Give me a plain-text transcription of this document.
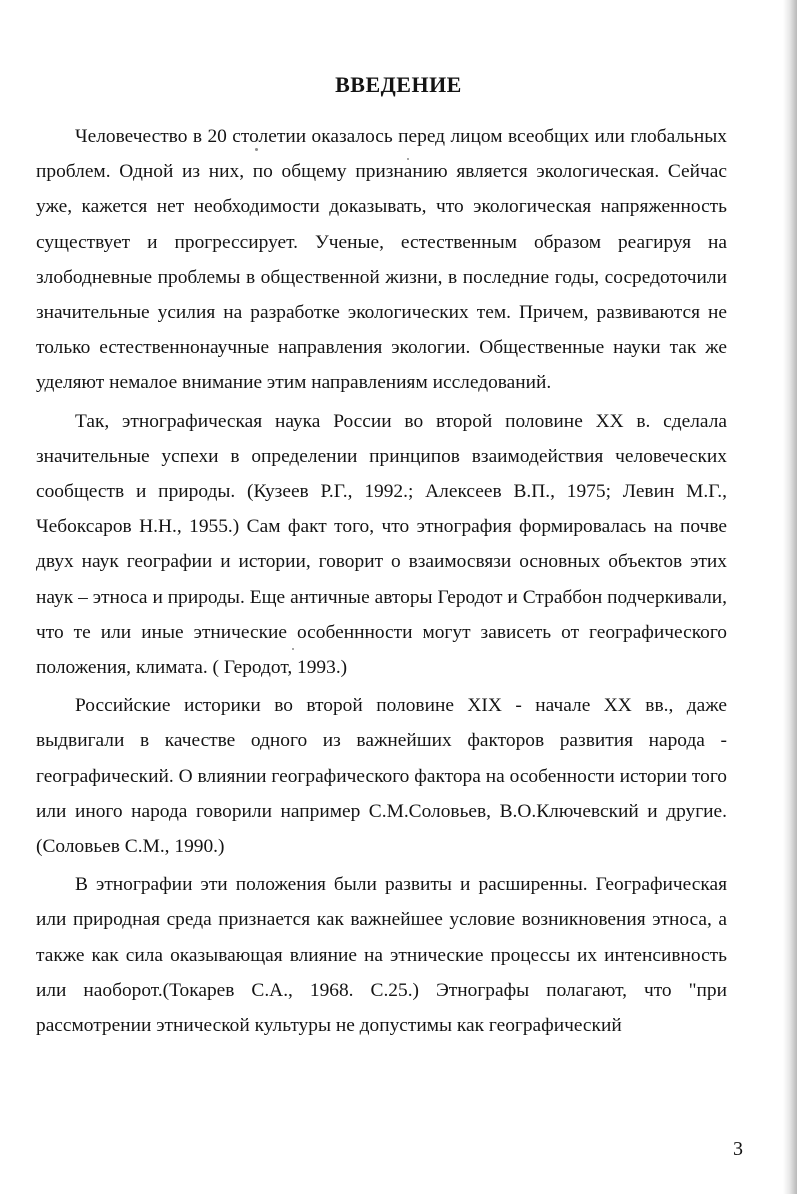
ВВЕДЕНИЕ

Человечество в 20 столетии оказалось перед лицом всеобщих или глобальных проблем. Одной из них, по общему признанию является экологическая. Сейчас уже, кажется нет необходимости доказывать, что экологическая напряженность существует и прогрессирует. Ученые, естественным образом реагируя на злободневные проблемы в общественной жизни, в последние годы, сосредоточили значительные усилия на разработке экологических тем. Причем, развиваются не только естественнонаучные направления экологии. Общественные науки так же уделяют немалое внимание этим направлениям исследований.

Так, этнографическая наука России во второй половине XX в. сделала значительные успехи в определении принципов взаимодействия человеческих сообществ и природы. (Кузеев Р.Г., 1992.; Алексеев В.П., 1975; Левин М.Г., Чебоксаров Н.Н., 1955.) Сам факт того, что этнография формировалась на почве двух наук географии и истории, говорит о взаимосвязи основных объектов этих наук – этноса и природы. Еще античные авторы Геродот и Страббон подчеркивали, что те или иные этнические особеннности могут зависеть от географического положения, климата. ( Геродот, 1993.)

Российские историки во второй половине XIX - начале XX вв., даже выдвигали в качестве одного из важнейших факторов развития народа - географический. О влиянии географического фактора на особенности истории того или иного народа говорили например С.М.Соловьев, В.О.Ключевский и другие. (Соловьев С.М., 1990.)

В этнографии эти положения были развиты и расширенны. Географическая или природная среда признается как важнейшее условие возникновения этноса, а также как сила оказывающая влияние на этнические процессы их интенсивность или наоборот.(Токарев С.А., 1968. С.25.) Этнографы полагают, что "при рассмотрении этнической культуры не допустимы как географический

3
